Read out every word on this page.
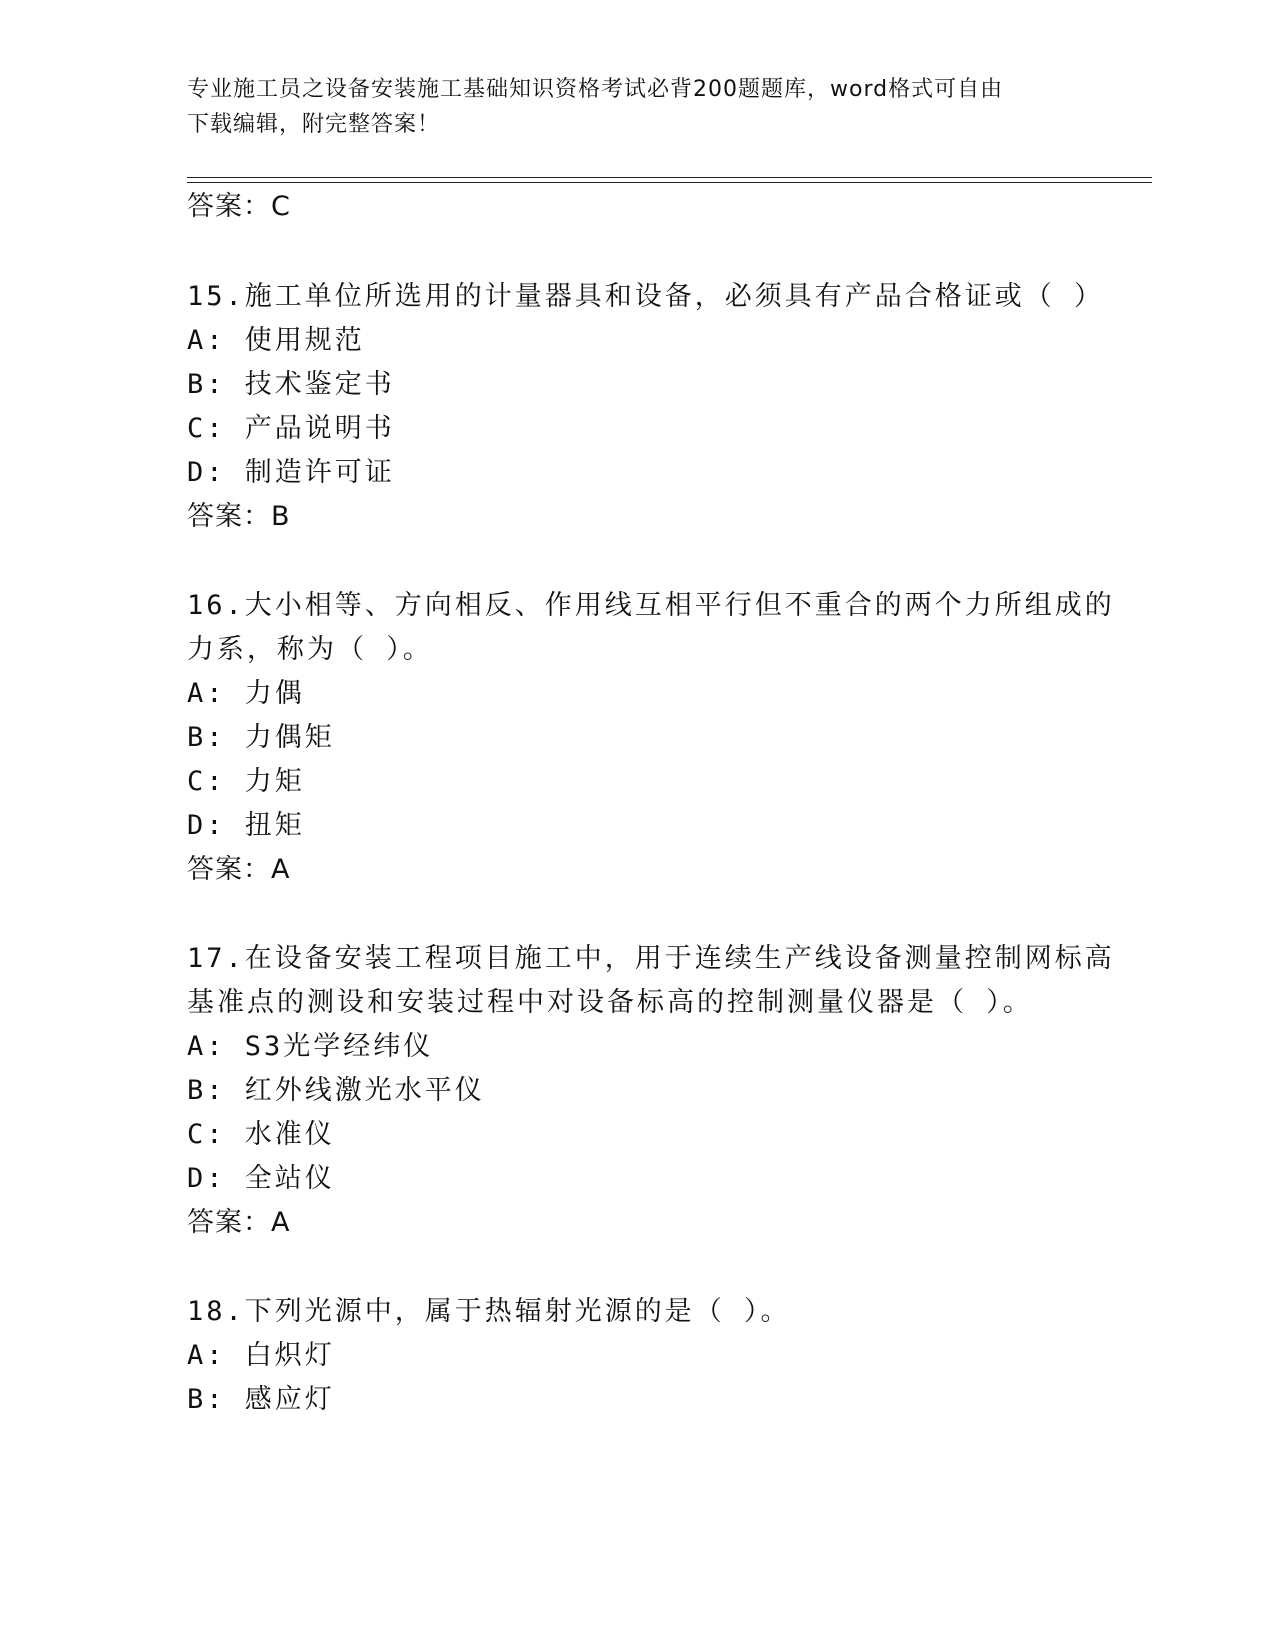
专业施工员之设备安装施工基础知识资格考试必背200题题库，word格式可自由
下载编辑，附完整答案！
答案：C
15.施工单位所选用的计量器具和设备，必须具有产品合格证或（ ）
A: 使用规范
B: 技术鉴定书
C: 产品说明书
D: 制造许可证
答案：B
16.大小相等、方向相反、作用线互相平行但不重合的两个力所组成的
力系，称为（ ）。
A: 力偶
B: 力偶矩
C: 力矩
D: 扭矩
答案：A
17.在设备安装工程项目施工中，用于连续生产线设备测量控制网标高
基准点的测设和安装过程中对设备标高的控制测量仪器是（ ）。
A: S3光学经纬仪
B: 红外线激光水平仪
C: 水准仪
D: 全站仪
答案：A
18.下列光源中，属于热辐射光源的是（ ）。
A: 白炽灯
B: 感应灯
